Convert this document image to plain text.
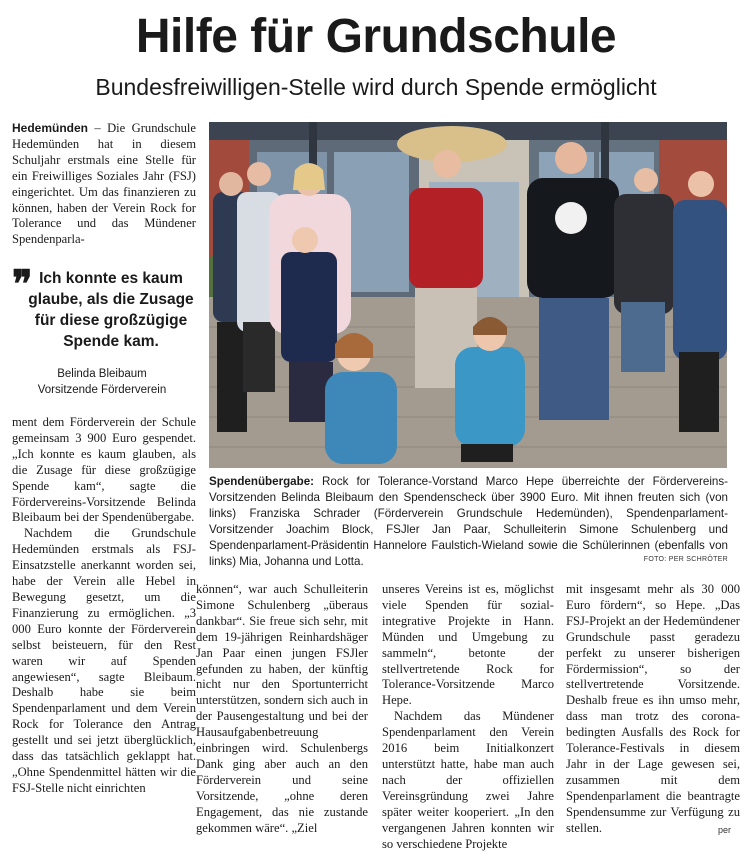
Hilfe für Grundschule
Bundesfreiwilligen-Stelle wird durch Spende ermöglicht

Hedemünden – Die Grundschule Hedemünden hat in diesem Schuljahr erstmals eine Stelle für ein Freiwilliges Soziales Jahr (FSJ) eingerichtet. Um das finanzieren zu können, haben der Verein Rock for Tolerance und das Mündener Spendenparla-

❞ Ich konnte es kaum glaube, als die Zusage für diese großzügige Spende kam.
Belinda Bleibaum
Vorsitzende Förderverein

ment dem Förderverein der Schule gemeinsam 3 900 Euro gespendet. „Ich konnte es kaum glauben, als die Zusage für diese großzügige Spende kam“, sagte die Fördervereins-Vorsitzende Belinda Bleibaum bei der Spendenübergabe.

Nachdem die Grundschule Hedemünden erstmals als FSJ-Einsatzstelle anerkannt worden sei, habe der Verein alle Hebel in Bewegung gesetzt, um die Finanzierung zu ermöglichen. „3 000 Euro konnte der Förderverein selbst beisteuern, für den Rest waren wir auf Spenden angewiesen“, sagte Bleibaum. Deshalb habe sie beim Spendenparlament und dem Verein Rock for Tolerance den Antrag gestellt und sei jetzt überglücklich, dass das tatsächlich geklappt hat. „Ohne Spendenmittel hätten wir die FSJ-Stelle nicht einrichten

Spendenübergabe: Rock for Tolerance-Vorstand Marco Hepe überreichte der Fördervereins-Vorsitzenden Belinda Bleibaum den Spendenscheck über 3900 Euro. Mit ihnen freuten sich (von links) Franziska Schrader (Förderverein Grundschule Hedemünden), Spendenparlament-Vorsitzender Joachim Block, FSJler Jan Paar, Schulleiterin Simone Schulenberg und Spendenparlament-Präsidentin Hannelore Faulstich-Wieland sowie die Schülerinnen (ebenfalls von links) Mia, Johanna und Lotta.	FOTO: PER SCHRÖTER

können“, war auch Schulleiterin Simone Schulenberg „überaus dankbar“. Sie freue sich sehr, mit dem 19-jährigen Reinhardshäger Jan Paar einen jungen FSJler gefunden zu haben, der künftig nicht nur den Sportunterricht unterstützen, sondern sich auch in der Pausengestaltung und bei der Hausaufgabenbetreuung einbringen wird. Schulenbergs Dank ging aber auch an den Förderverein und seine Vorsitzende, „ohne deren Engagement, das nie zustande gekommen wäre“. „Ziel

unseres Vereins ist es, möglichst viele Spenden für sozial-integrative Projekte in Hann. Münden und Umgebung zu sammeln“, betonte der stellvertretende Rock for Tolerance-Vorsitzende Marco Hepe.

Nachdem das Mündener Spendenparlament den Verein 2016 beim Initialkonzert unterstützt hatte, habe man auch nach der offiziellen Vereinsgründung zwei Jahre später weiter kooperiert. „In den vergangenen Jahren konnten wir so verschiedene Projekte

mit insgesamt mehr als 30 000 Euro fördern“, so Hepe. „Das FSJ-Projekt an der Hedemündener Grundschule passt geradezu perfekt zu unserer bisherigen Fördermission“, so der stellvertretende Vorsitzende. Deshalb freue es ihn umso mehr, dass man trotz des corona-bedingten Ausfalls des Rock for Tolerance-Festivals in diesem Jahr in der Lage gewesen sei, zusammen mit dem Spendenparlament die beantragte Spendensumme zur Verfügung zu stellen.	per
